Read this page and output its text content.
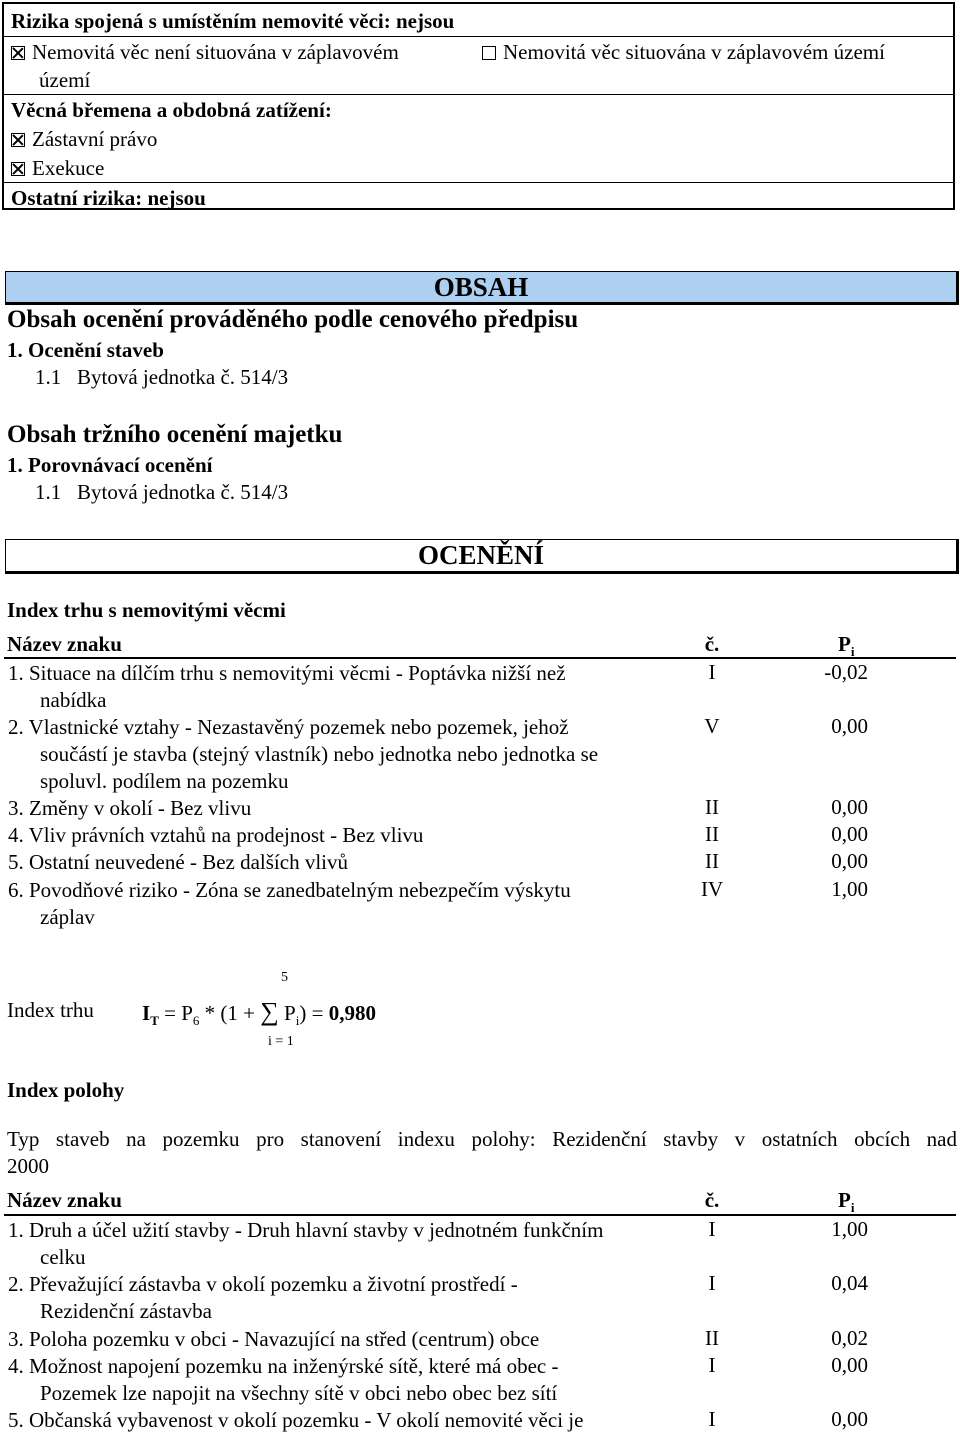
Rizika spojená s umístěním nemovité věci: nejsou
Nemovitá věc není situována v záplavovém
území
Nemovitá věc situována v záplavovém území
Věcná břemena a obdobná zatížení:
Zástavní právo
Exekuce
Ostatní rizika: nejsou
OBSAH
Obsah ocenění prováděného podle cenového předpisu
1. Ocenění staveb
1.1   Bytová jednotka č. 514/3
Obsah tržního ocenění majetku
1. Porovnávací ocenění
1.1   Bytová jednotka č. 514/3
OCENĚNÍ
Index trhu s nemovitými věcmi
Název znaku	č.	$P_i$
1. Situace na dílčím trhu s nemovitými věcmi - Poptávka nižší než
nabídka
I	-0,02
2. Vlastnické vztahy - Nezastavěný pozemek nebo pozemek, jehož
součástí je stavba (stejný vlastník) nebo jednotka nebo jednotka se
spoluvl. podílem na pozemku
V	0,00
3. Změny v okolí - Bez vlivu	II	0,00
4. Vliv právních vztahů na prodejnost - Bez vlivu	II	0,00
5. Ostatní neuvedené - Bez dalších vlivů	II	0,00
6. Povodňové riziko - Zóna se zanedbatelným nebezpečím výskytu
záplav
IV	1,00
Index trhu $I_T = P_6 * (1$ + ∑ $P_i) = 0,980$
5
i = 1
Index polohy
Typ staveb na pozemku pro stanovení indexu polohy: Rezidenční stavby v ostatních obcích nad
2000
Název znaku	č.	$P_i$
1. Druh a účel užití stavby - Druh hlavní stavby v jednotném funkčním
celku
I	1,00
2. Převažující zástavba v okolí pozemku a životní prostředí -
Rezidenční zástavba
I	0,04
3. Poloha pozemku v obci - Navazující na střed (centrum) obce	II	0,02
4. Možnost napojení pozemku na inženýrské sítě, které má obec -
Pozemek lze napojit na všechny sítě v obci nebo obec bez sítí
I	0,00
5. Občanská vybavenost v okolí pozemku - V okolí nemovité věci je	I	0,00
